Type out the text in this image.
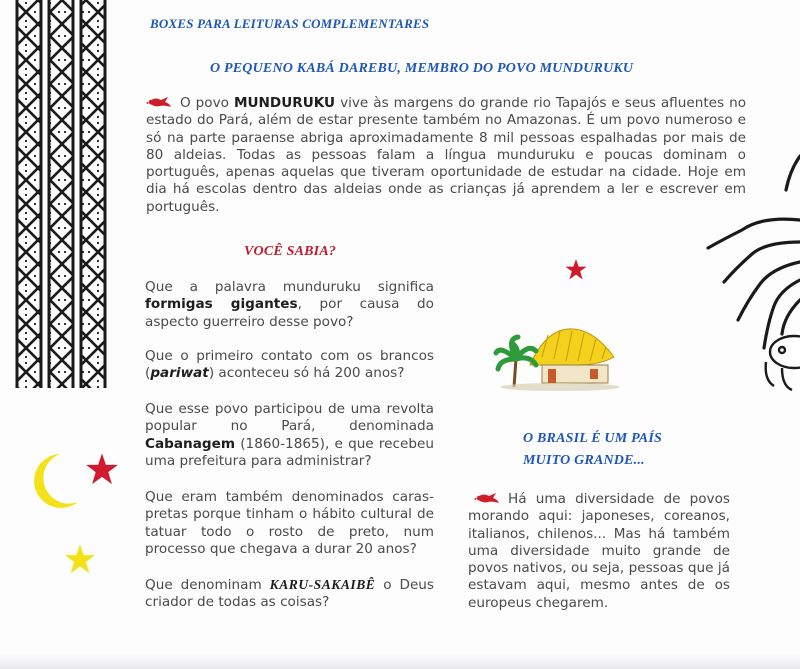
BOXES PARA LEITURAS COMPLEMENTARES
O PEQUENO KABÁ DAREBU, MEMBRO DO POVO MUNDURUKU

O povo MUNDURUKU vive às margens do grande rio Tapajós e seus afluentes no estado do Pará, além de estar presente também no Amazonas. É um povo numeroso e só na parte paraense abriga aproximadamente 8 mil pessoas espalhadas por mais de 80 aldeias. Todas as pessoas falam a língua munduruku e poucas dominam o português, apenas aquelas que tiveram oportunidade de estudar na cidade. Hoje em dia há escolas dentro das aldeias onde as crianças já aprendem a ler e escrever em português.

VOCÊ SABIA?

Que a palavra munduruku significa formigas gigantes, por causa do aspecto guerreiro desse povo?

Que o primeiro contato com os brancos (pariwat) aconteceu só há 200 anos?

Que esse povo participou de uma revolta popular no Pará, denominada Cabanagem (1860-1865), e que recebeu uma prefeitura para administrar?

Que eram também denominados caras-pretas porque tinham o hábito cultural de tatuar todo o rosto de preto, num processo que chegava a durar 20 anos?

Que denominam KARU-SAKAIBÊ o Deus criador de todas as coisas?

O BRASIL É UM PAÍS
MUITO GRANDE...

Há uma diversidade de povos morando aqui: japoneses, coreanos, italianos, chilenos... Mas há também uma diversidade muito grande de povos nativos, ou seja, pessoas que já estavam aqui, mesmo antes de os europeus chegarem.
